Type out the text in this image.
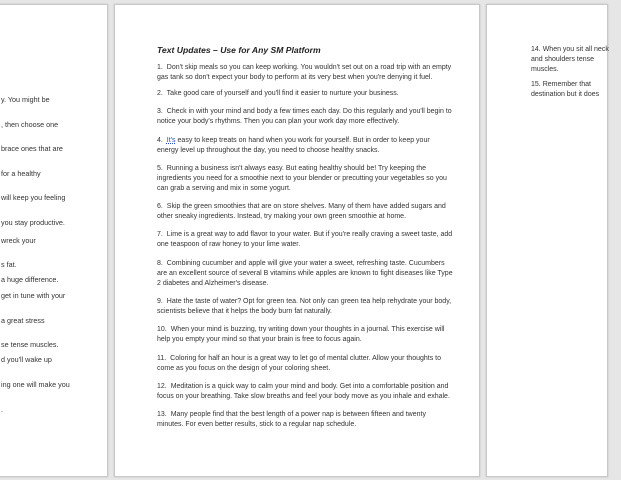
y. You might be
, then choose one
brace ones that are
for a healthy
will keep you feeling
you stay productive.
wreck your
s fat.
a huge difference.
get in tune with your
a great stress
se tense muscles.
d you'll wake up
ing one will make you
.
Text Updates – Use for Any SM Platform

1. Don't skip meals so you can keep working. You wouldn't set out on a road trip with an empty gas tank so don't expect your body to perform at its very best when you're denying it fuel.

2. Take good care of yourself and you'll find it easier to nurture your business.

3. Check in with your mind and body a few times each day. Do this regularly and you'll begin to notice your body's rhythms. Then you can plan your work day more effectively.

4. It's easy to keep treats on hand when you work for yourself. But in order to keep your energy level up throughout the day, you need to choose healthy snacks.

5. Running a business isn't always easy. But eating healthy should be! Try keeping the ingredients you need for a smoothie next to your blender or precutting your vegetables so you can grab a serving and mix in some yogurt.

6. Skip the green smoothies that are on store shelves. Many of them have added sugars and other sneaky ingredients. Instead, try making your own green smoothie at home.

7. Lime is a great way to add flavor to your water. But if you're really craving a sweet taste, add one teaspoon of raw honey to your lime water.

8. Combining cucumber and apple will give your water a sweet, refreshing taste. Cucumbers are an excellent source of several B vitamins while apples are known to fight diseases like Type 2 diabetes and Alzheimer's disease.

9. Hate the taste of water? Opt for green tea. Not only can green tea help rehydrate your body, scientists believe that it helps the body burn fat naturally.

10. When your mind is buzzing, try writing down your thoughts in a journal. This exercise will help you empty your mind so that your brain is free to focus again.

11. Coloring for half an hour is a great way to let go of mental clutter. Allow your thoughts to come as you focus on the design of your coloring sheet.

12. Meditation is a quick way to calm your mind and body. Get into a comfortable position and focus on your breathing. Take slow breaths and feel your body move as you inhale and exhale.

13. Many people find that the best length of a power nap is between fifteen and twenty minutes. For even better results, stick to a regular nap schedule.

14. When you sit all neck and shoulders tense muscles.
15. Remember that destination but it does
